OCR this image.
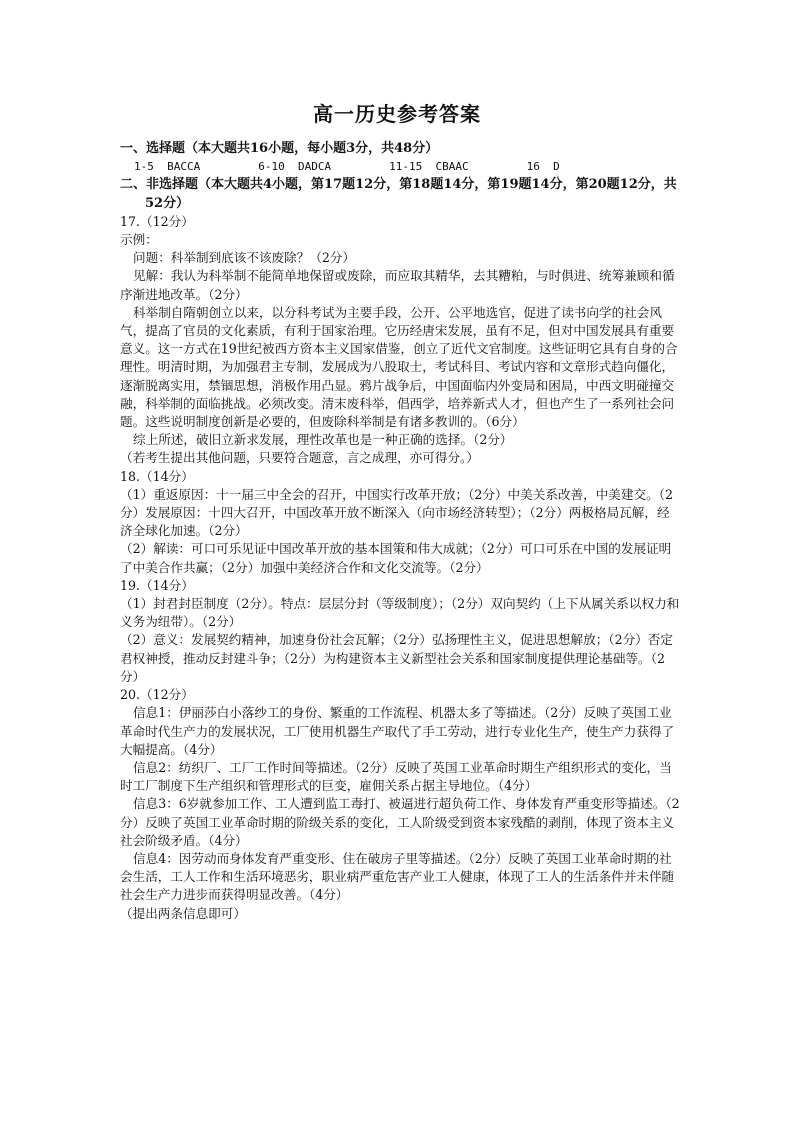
高一历史参考答案

一、选择题（本大题共16小题，每小题3分，共48分）

1-5  BACCA	6-10  DADCA	11-15  CBAAC	16  D

二、非选择题（本大题共4小题，第17题12分，第18题14分，第19题14分，第20题12分，共52分）

17.（12分）

示例：

问题：科举制到底该不该废除？（2分）

见解：我认为科举制不能简单地保留或废除，而应取其精华，去其糟粕，与时俱进、统筹兼顾和循序渐进地改革。（2分）

科举制自隋朝创立以来，以分科考试为主要手段，公开、公平地选官，促进了读书向学的社会风气，提高了官员的文化素质，有利于国家治理。它历经唐宋发展，虽有不足，但对中国发展具有重要意义。这一方式在19世纪被西方资本主义国家借鉴，创立了近代文官制度。这些证明它具有自身的合理性。明清时期，为加强君主专制，发展成为八股取士，考试科目、考试内容和文章形式趋向僵化，逐渐脱离实用，禁锢思想，消极作用凸显。鸦片战争后，中国面临内外变局和困局，中西文明碰撞交融，科举制的面临挑战。必须改变。清末废科举，倡西学，培养新式人才，但也产生了一系列社会问题。这些说明制度创新是必要的，但废除科举制是有诸多教训的。（6分）

综上所述，破旧立新求发展，理性改革也是一种正确的选择。（2分）

（若考生提出其他问题，只要符合题意，言之成理，亦可得分。）

18.（14分）

（1）重返原因：十一届三中全会的召开，中国实行改革开放；（2分）中美关系改善，中美建交。（2分）发展原因：十四大召开，中国改革开放不断深入（向市场经济转型）；（2分）两极格局瓦解，经济全球化加速。（2分）

（2）解读：可口可乐见证中国改革开放的基本国策和伟大成就；（2分）可口可乐在中国的发展证明了中美合作共赢；（2分）加强中美经济合作和文化交流等。（2分）

19.（14分）

（1）封君封臣制度（2分）。特点：层层分封（等级制度）；（2分）双向契约（上下从属关系以权力和义务为纽带）。（2分）

（2）意义：发展契约精神，加速身份社会瓦解；（2分）弘扬理性主义，促进思想解放；（2分）否定君权神授，推动反封建斗争；（2分）为构建资本主义新型社会关系和国家制度提供理论基础等。（2分）

20.（12分）

信息1：伊丽莎白小落纱工的身份、繁重的工作流程、机器太多了等描述。（2分）反映了英国工业革命时代生产力的发展状况，工厂使用机器生产取代了手工劳动，进行专业化生产，使生产力获得了大幅提高。（4分）

信息2：纺织厂、工厂工作时间等描述。（2分）反映了英国工业革命时期生产组织形式的变化，当时工厂制度下生产组织和管理形式的巨变，雇佣关系占据主导地位。（4分）

信息3：6岁就参加工作、工人遭到监工毒打、被逼进行超负荷工作、身体发育严重变形等描述。（2分）反映了英国工业革命时期的阶级关系的变化，工人阶级受到资本家残酷的剥削，体现了资本主义社会阶级矛盾。（4分）

信息4：因劳动而身体发育严重变形、住在破房子里等描述。（2分）反映了英国工业革命时期的社会生活，工人工作和生活环境恶劣，职业病严重危害产业工人健康，体现了工人的生活条件并未伴随社会生产力进步而获得明显改善。（4分）

（提出两条信息即可）
